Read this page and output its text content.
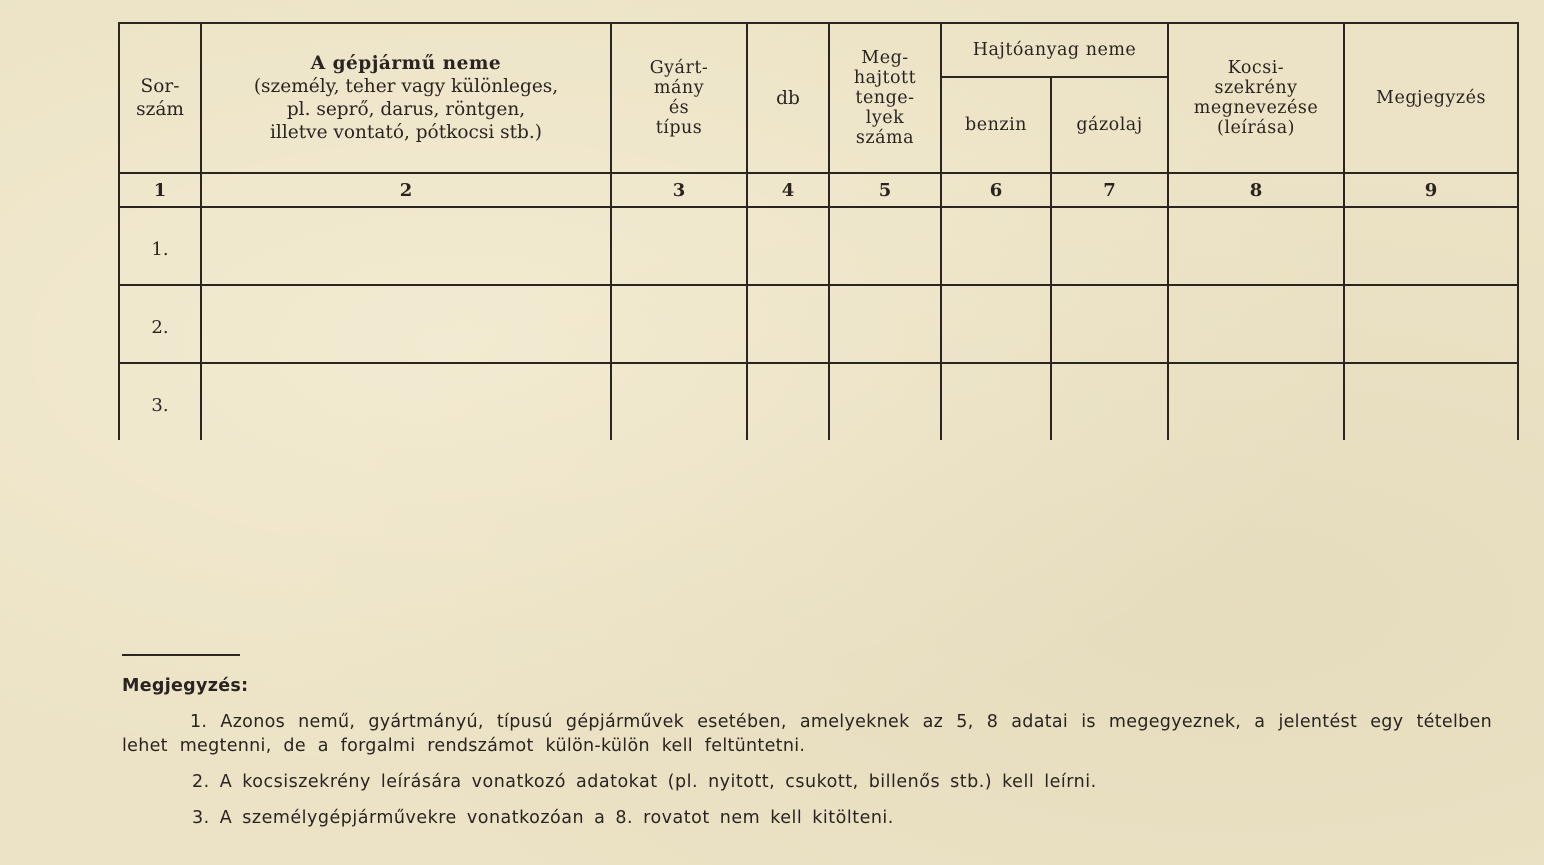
Sor-
szám	A gépjármű neme
(személy, teher vagy különleges,
pl. seprő, darus, röntgen,
illetve vontató, pótkocsi stb.)	Gyárt-
mány
és
típus	db	Meg-
hajtott
tenge-
lyek
száma	Hajtóanyag neme		Kocsi-
szekrény
megnevezése
(leírása)	Megjegyzés
					benzin	gázolaj		
1	2	3	4	5	6	7	8	9
1.								
2.								
3.								
Megjegyzés:

1. Azonos nemű, gyártmányú, típusú gépjárművek esetében, amelyeknek az 5, 8 adatai is megegyeznek, a jelentést egy tételben lehet megtenni, de a forgalmi rendszámot külön-külön kell feltüntetni.

2. A kocsiszekrény leírására vonatkozó adatokat (pl. nyitott, csukott, billenős stb.) kell leírni.

3. A személygépjárművekre vonatkozóan a 8. rovatot nem kell kitölteni.
